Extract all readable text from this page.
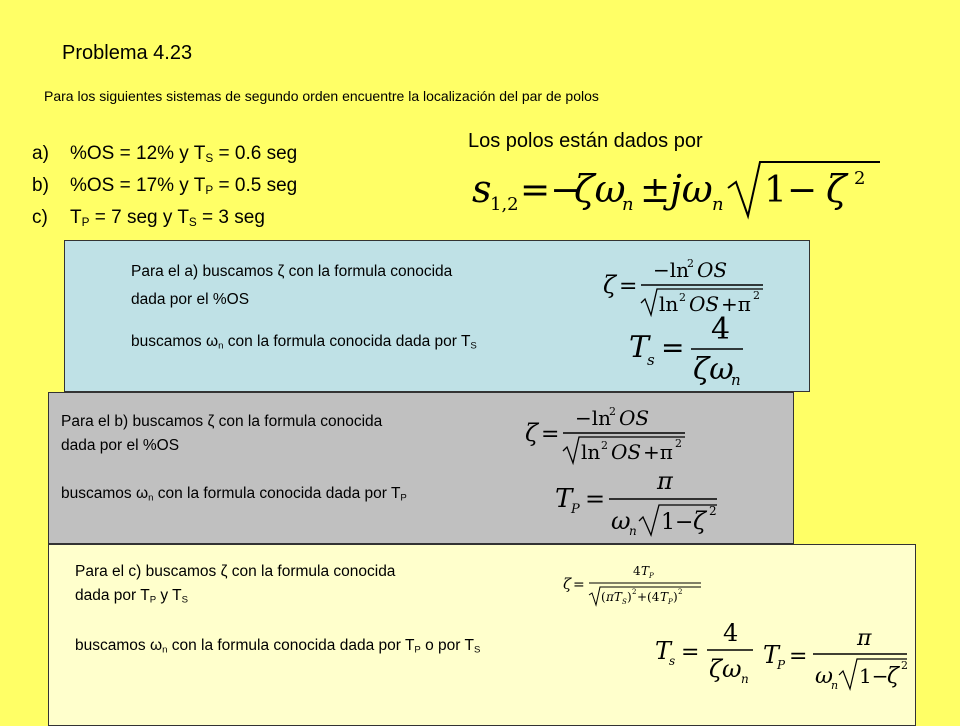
Problema 4.23
Para los siguientes sistemas de segundo orden encuentre la localización del par de polos
a) %OS = 12% y $T_S = 0.6$ seg
b) %OS = 17% y $T_P = 0.5$ seg
c) $T_P = 7$ seg y $T_S = 3$ seg
Los polos están dados por
s
1,2 =−
ζω
n ± jω n 1− ζ 2
Para el a) buscamos ζ con la formula conocida
dada por el %OS
buscamos $\omega_n$ con la formula conocida dada por $T_S$
ζ =
−ln
2 OS
ln 2 OS +π 2
T
s =
4
ζω
n
Para el b) buscamos ζ con la formula conocida
dada por el %OS
buscamos $\omega_n$ con la formula conocida dada por $T_P$
ζ =
−ln
2 OS
ln 2 OS +π 2
T
P =
π
ω
n 1− ζ 2
Para el c) buscamos ζ con la formula conocida
dada por $T_P$ y $T_S$
buscamos $\omega_n$ con la formula conocida dada por $T_P$ o por $T_S$
ζ =
4 T P
( πT S ) 2 +(4 T P ) 2
T
s =
4
ζω n
T
P =
π
ω
n 1−
ζ 2
